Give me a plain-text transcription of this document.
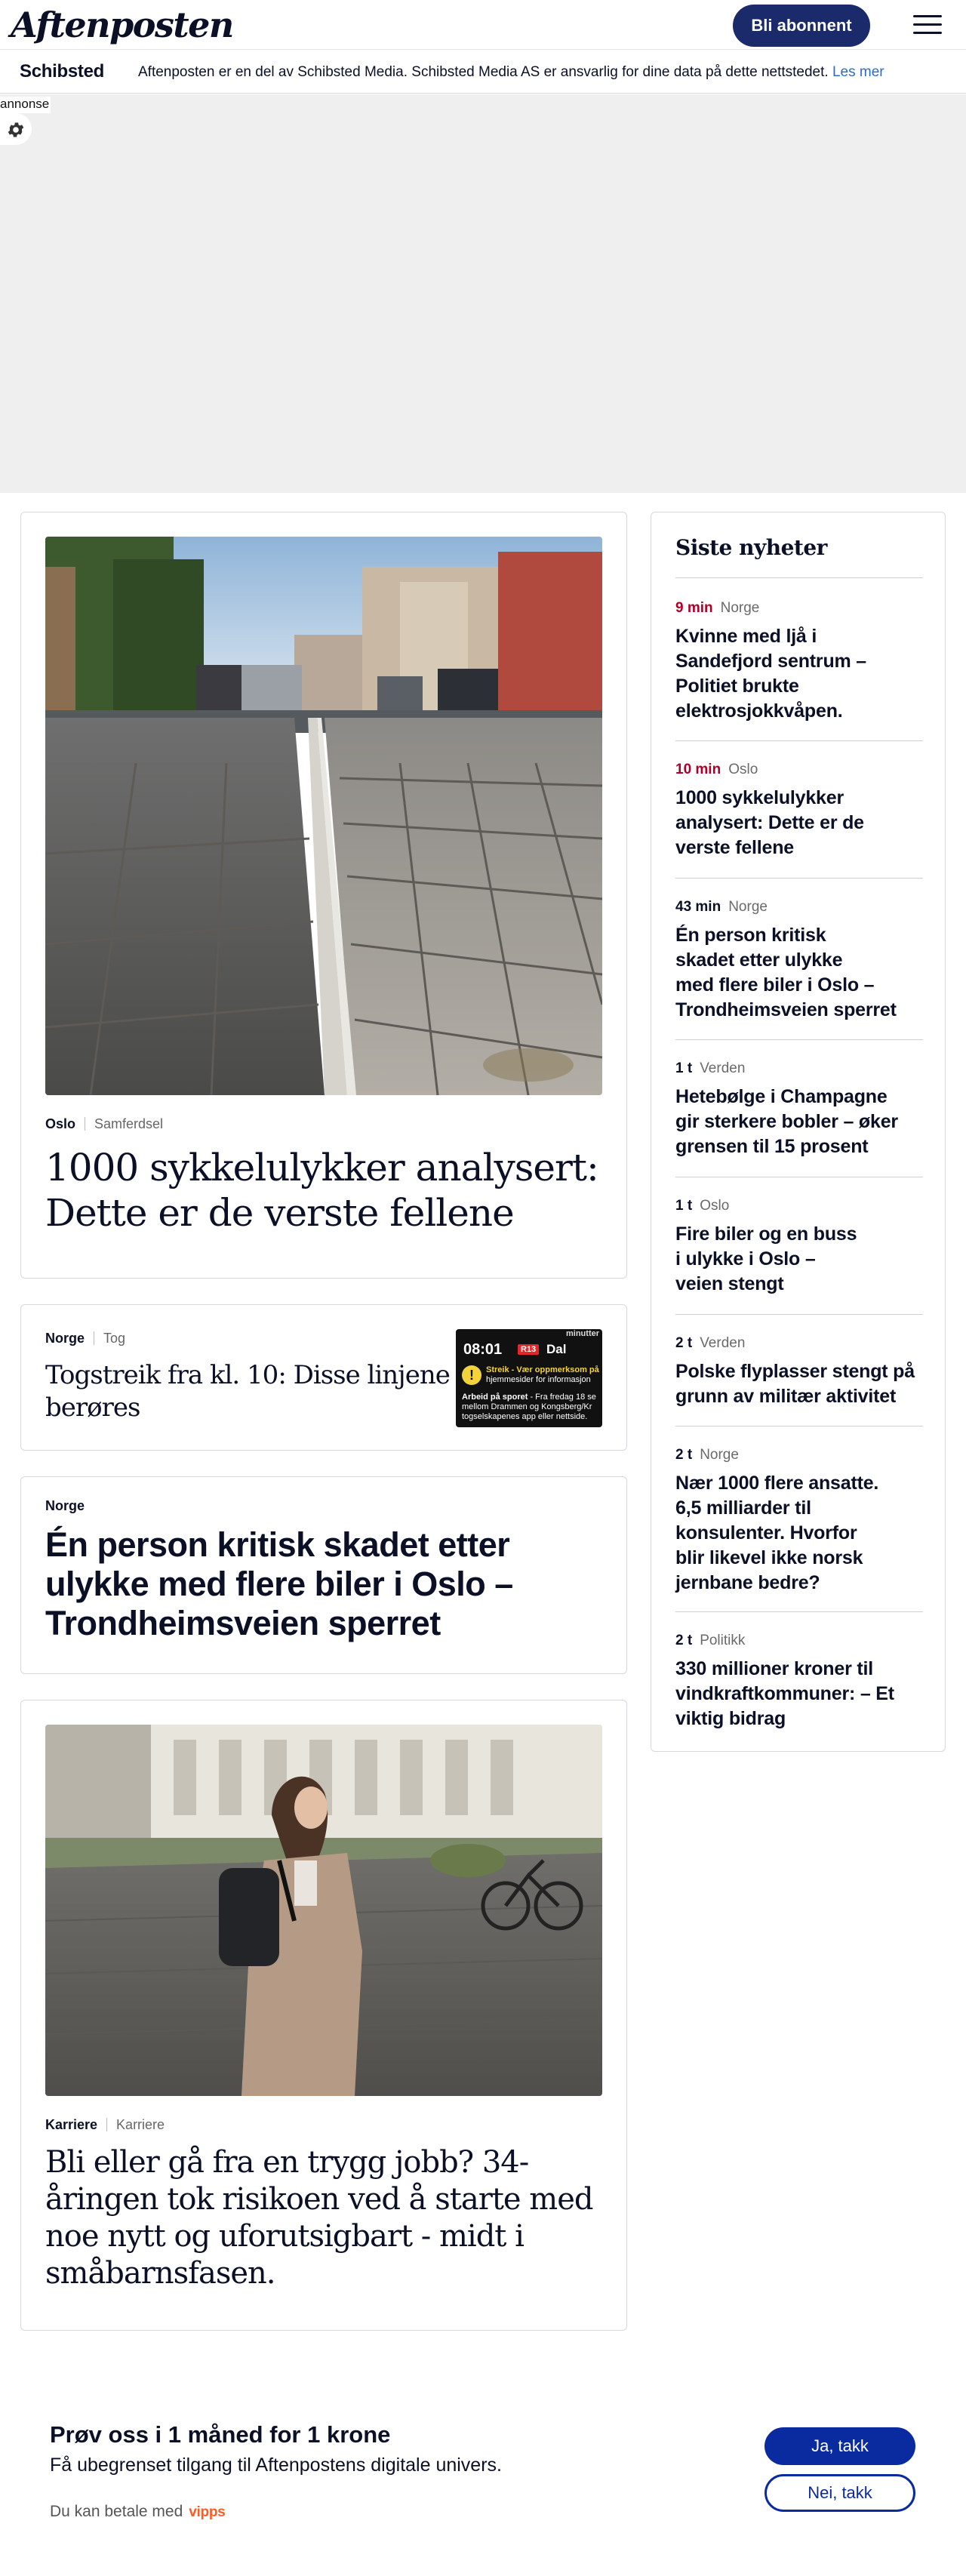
Aftenposten	Bli abonnent
Schibsted Aftenposten er en del av Schibsted Media. Schibsted Media AS er ansvarlig for dine data på dette nettstedet. Les mer
annonse
Oslo Samferdsel
1000 sykkelulykker analysert:
Dette er de verste fellene
Norge Tog
Togstreik fra kl. 10: Disse linjene
berøres
minutter
08:01	R13 Dal
!	Streik - Vær oppmerksom på
hjemmesider for informasjon
Arbeid på sporet - Fra fredag 18 se
mellom Drammen og Kongsberg/Kr
togselskapenes app eller nettside.
Norge
Én person kritisk skadet etter
ulykke med flere biler i Oslo –
Trondheimsveien sperret
Karriere Karriere
Bli eller gå fra en trygg jobb? 34-
åringen tok risikoen ved å starte med
noe nytt og uforutsigbart - midt i
småbarnsfasen.
Siste nyheter
9 min Norge
Kvinne med ljå i
Sandefjord sentrum –
Politiet brukte
elektrosjokkvåpen.
10 min Oslo
1000 sykkelulykker
analysert: Dette er de
verste fellene
43 min Norge
Én person kritisk
skadet etter ulykke
med flere biler i Oslo –
Trondheimsveien sperret
1 t Verden
Hetebølge i Champagne
gir sterkere bobler – øker
grensen til 15 prosent
1 t Oslo
Fire biler og en buss
i ulykke i Oslo –
veien stengt
2 t Verden
Polske flyplasser stengt på
grunn av militær aktivitet
2 t Norge
Nær 1000 flere ansatte.
6,5 milliarder til
konsulenter. Hvorfor
blir likevel ikke norsk
jernbane bedre?
2 t Politikk
330 millioner kroner til
vindkraftkommuner: – Et
viktig bidrag
Prøv oss i 1 måned for 1 krone
Få ubegrenset tilgang til Aftenpostens digitale univers.
Du kan betale med vipps
Ja, takk
Nei, takk
